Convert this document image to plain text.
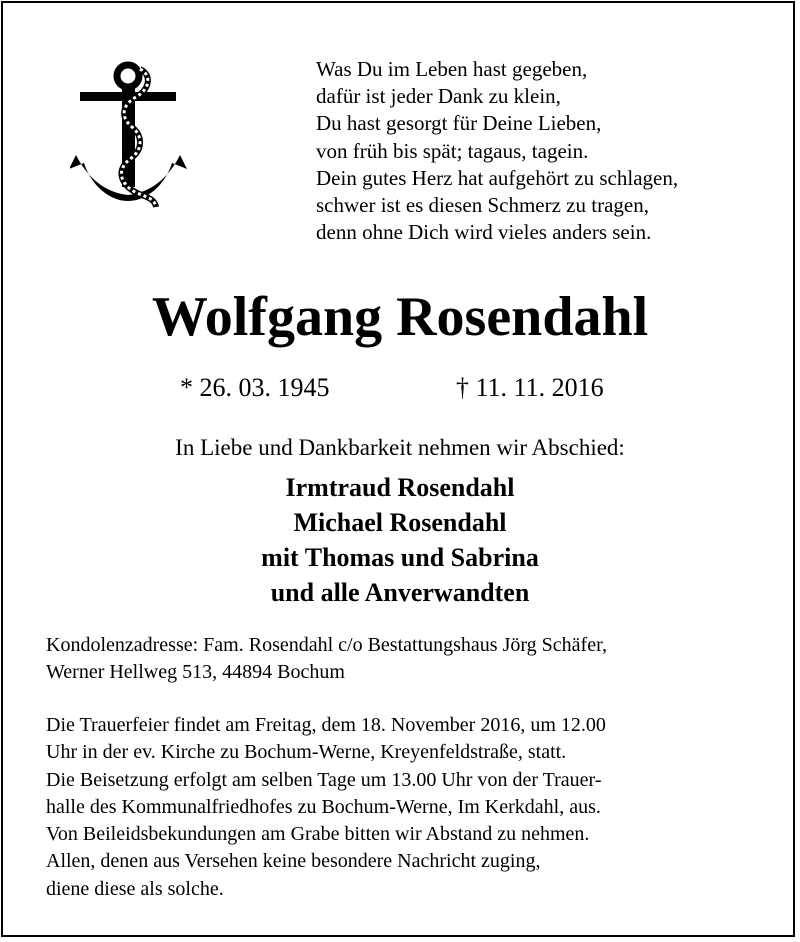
Was Du im Leben hast gegeben,
dafür ist jeder Dank zu klein,
Du hast gesorgt für Deine Lieben,
von früh bis spät; tagaus, tagein.
Dein gutes Herz hat aufgehört zu schlagen,
schwer ist es diesen Schmerz zu tragen,
denn ohne Dich wird vieles anders sein.
Wolfgang Rosendahl
* 26. 03. 1945	† 11. 11. 2016
In Liebe und Dankbarkeit nehmen wir Abschied:
Irmtraud Rosendahl
Michael Rosendahl
mit Thomas und Sabrina
und alle Anverwandten
Kondolenzadresse: Fam. Rosendahl c/o Bestattungshaus Jörg Schäfer,
Werner Hellweg 513, 44894 Bochum
Die Trauerfeier findet am Freitag, dem 18. November 2016, um 12.00
Uhr in der ev. Kirche zu Bochum-Werne, Kreyenfeldstraße, statt.
Die Beisetzung erfolgt am selben Tage um 13.00 Uhr von der Trauer-
halle des Kommunalfriedhofes zu Bochum-Werne, Im Kerkdahl, aus.
Von Beileidsbekundungen am Grabe bitten wir Abstand zu nehmen.
Allen, denen aus Versehen keine besondere Nachricht zuging,
diene diese als solche.
